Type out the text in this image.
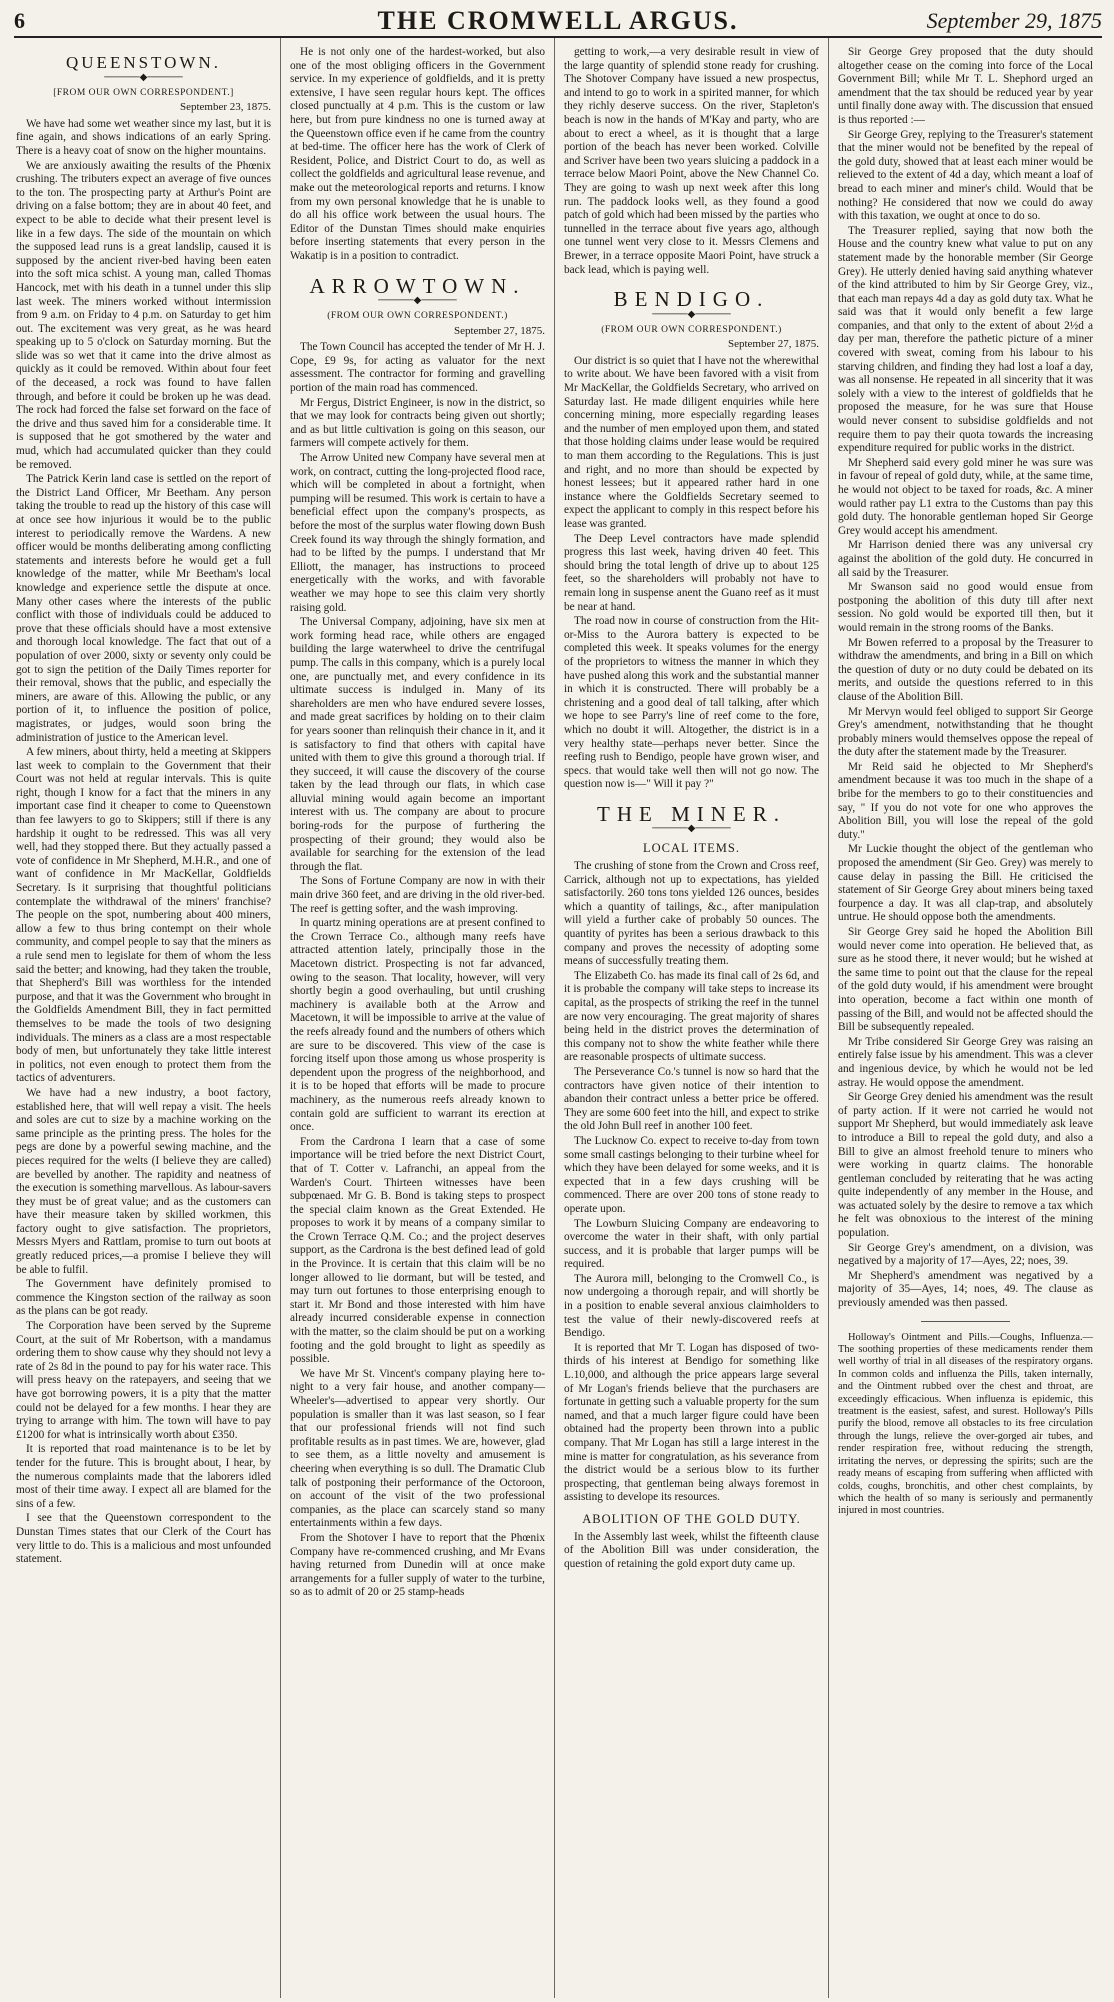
6	THE CROMWELL ARGUS.	September 29, 1875
QUEENSTOWN.
─────◆─────
[FROM OUR OWN CORRESPONDENT.]
September 23, 1875.

We have had some wet weather since my last, but it is fine again, and shows indications of an early Spring. There is a heavy coat of snow on the higher mountains.

We are anxiously awaiting the results of the Phœnix crushing. The tributers expect an average of five ounces to the ton. The prospecting party at Arthur's Point are driving on a false bottom; they are in about 40 feet, and expect to be able to decide what their present level is like in a few days. The side of the mountain on which the supposed lead runs is a great landslip, caused it is supposed by the ancient river-bed having been eaten into the soft mica schist. A young man, called Thomas Hancock, met with his death in a tunnel under this slip last week. The miners worked without intermission from 9 a.m. on Friday to 4 p.m. on Saturday to get him out. The excitement was very great, as he was heard speaking up to 5 o'clock on Saturday morning. But the slide was so wet that it came into the drive almost as quickly as it could be removed. Within about four feet of the deceased, a rock was found to have fallen through, and before it could be broken up he was dead. The rock had forced the false set forward on the face of the drive and thus saved him for a considerable time. It is supposed that he got smothered by the water and mud, which had accumulated quicker than they could be removed.

The Patrick Kerin land case is settled on the report of the District Land Officer, Mr Beetham. Any person taking the trouble to read up the history of this case will at once see how injurious it would be to the public interest to periodically remove the Wardens. A new officer would be months deliberating among conflicting statements and interests before he would get a full knowledge of the matter, while Mr Beetham's local knowledge and experience settle the dispute at once. Many other cases where the interests of the public conflict with those of individuals could be adduced to prove that these officials should have a most extensive and thorough local knowledge. The fact that out of a population of over 2000, sixty or seventy only could be got to sign the petition of the Daily Times reporter for their removal, shows that the public, and especially the miners, are aware of this. Allowing the public, or any portion of it, to influence the position of police, magistrates, or judges, would soon bring the administration of justice to the American level.

A few miners, about thirty, held a meeting at Skippers last week to complain to the Government that their Court was not held at regular intervals. This is quite right, though I know for a fact that the miners in any important case find it cheaper to come to Queenstown than fee lawyers to go to Skippers; still if there is any hardship it ought to be redressed. This was all very well, had they stopped there. But they actually passed a vote of confidence in Mr Shepherd, M.H.R., and one of want of confidence in Mr MacKellar, Goldfields Secretary. Is it surprising that thoughtful politicians contemplate the withdrawal of the miners' franchise? The people on the spot, numbering about 400 miners, allow a few to thus bring contempt on their whole community, and compel people to say that the miners as a rule send men to legislate for them of whom the less said the better; and knowing, had they taken the trouble, that Shepherd's Bill was worthless for the intended purpose, and that it was the Government who brought in the Goldfields Amendment Bill, they in fact permitted themselves to be made the tools of two designing individuals. The miners as a class are a most respectable body of men, but unfortunately they take little interest in politics, not even enough to protect them from the tactics of adventurers.

We have had a new industry, a boot factory, established here, that will well repay a visit. The heels and soles are cut to size by a machine working on the same principle as the printing press. The holes for the pegs are done by a powerful sewing machine, and the pieces required for the welts (I believe they are called) are bevelled by another. The rapidity and neatness of the execution is something marvellous. As labour-savers they must be of great value; and as the customers can have their measure taken by skilled workmen, this factory ought to give satisfaction. The proprietors, Messrs Myers and Rattlam, promise to turn out boots at greatly reduced prices,—a promise I believe they will be able to fulfil.

The Government have definitely promised to commence the Kingston section of the railway as soon as the plans can be got ready.

The Corporation have been served by the Supreme Court, at the suit of Mr Robertson, with a mandamus ordering them to show cause why they should not levy a rate of 2s 8d in the pound to pay for his water race. This will press heavy on the ratepayers, and seeing that we have got borrowing powers, it is a pity that the matter could not be delayed for a few months. I hear they are trying to arrange with him. The town will have to pay £1200 for what is intrinsically worth about £350.

It is reported that road maintenance is to be let by tender for the future. This is brought about, I hear, by the numerous complaints made that the laborers idled most of their time away. I expect all are blamed for the sins of a few.

I see that the Queenstown correspondent to the Dunstan Times states that our Clerk of the Court has very little to do. This is a malicious and most unfounded statement.

He is not only one of the hardest-worked, but also one of the most obliging officers in the Government service. In my experience of goldfields, and it is pretty extensive, I have seen regular hours kept. The offices closed punctually at 4 p.m. This is the custom or law here, but from pure kindness no one is turned away at the Queenstown office even if he came from the country at bed-time. The officer here has the work of Clerk of Resident, Police, and District Court to do, as well as collect the goldfields and agricultural lease revenue, and make out the meteorological reports and returns. I know from my own personal knowledge that he is unable to do all his office work between the usual hours. The Editor of the Dunstan Times should make enquiries before inserting statements that every person in the Wakatip is in a position to contradict.

ARROWTOWN.
─────◆─────
(FROM OUR OWN CORRESPONDENT.)
September 27, 1875.

The Town Council has accepted the tender of Mr H. J. Cope, £9 9s, for acting as valuator for the next assessment. The contractor for forming and gravelling portion of the main road has commenced.

Mr Fergus, District Engineer, is now in the district, so that we may look for contracts being given out shortly; and as but little cultivation is going on this season, our farmers will compete actively for them.

The Arrow United new Company have several men at work, on contract, cutting the long-projected flood race, which will be completed in about a fortnight, when pumping will be resumed. This work is certain to have a beneficial effect upon the company's prospects, as before the most of the surplus water flowing down Bush Creek found its way through the shingly formation, and had to be lifted by the pumps. I understand that Mr Elliott, the manager, has instructions to proceed energetically with the works, and with favorable weather we may hope to see this claim very shortly raising gold.

The Universal Company, adjoining, have six men at work forming head race, while others are engaged building the large waterwheel to drive the centrifugal pump. The calls in this company, which is a purely local one, are punctually met, and every confidence in its ultimate success is indulged in. Many of its shareholders are men who have endured severe losses, and made great sacrifices by holding on to their claim for years sooner than relinquish their chance in it, and it is satisfactory to find that others with capital have united with them to give this ground a thorough trial. If they succeed, it will cause the discovery of the course taken by the lead through our flats, in which case alluvial mining would again become an important interest with us. The company are about to procure boring-rods for the purpose of furthering the prospecting of their ground; they would also be available for searching for the extension of the lead through the flat.

The Sons of Fortune Company are now in with their main drive 360 feet, and are driving in the old river-bed. The reef is getting softer, and the wash improving.

In quartz mining operations are at present confined to the Crown Terrace Co., although many reefs have attracted attention lately, principally those in the Macetown district. Prospecting is not far advanced, owing to the season. That locality, however, will very shortly begin a good overhauling, but until crushing machinery is available both at the Arrow and Macetown, it will be impossible to arrive at the value of the reefs already found and the numbers of others which are sure to be discovered. This view of the case is forcing itself upon those among us whose prosperity is dependent upon the progress of the neighborhood, and it is to be hoped that efforts will be made to procure machinery, as the numerous reefs already known to contain gold are sufficient to warrant its erection at once.

From the Cardrona I learn that a case of some importance will be tried before the next District Court, that of T. Cotter v. Lafranchi, an appeal from the Warden's Court. Thirteen witnesses have been subpœnaed. Mr G. B. Bond is taking steps to prospect the special claim known as the Great Extended. He proposes to work it by means of a company similar to the Crown Terrace Q.M. Co.; and the project deserves support, as the Cardrona is the best defined lead of gold in the Province. It is certain that this claim will be no longer allowed to lie dormant, but will be tested, and may turn out fortunes to those enterprising enough to start it. Mr Bond and those interested with him have already incurred considerable expense in connection with the matter, so the claim should be put on a working footing and the gold brought to light as speedily as possible.

We have Mr St. Vincent's company playing here to-night to a very fair house, and another company—Wheeler's—advertised to appear very shortly. Our population is smaller than it was last season, so I fear that our professional friends will not find such profitable results as in past times. We are, however, glad to see them, as a little novelty and amusement is cheering when everything is so dull. The Dramatic Club talk of postponing their performance of the Octoroon, on account of the visit of the two professional companies, as the place can scarcely stand so many entertainments within a few days.

From the Shotover I have to report that the Phœnix Company have re-commenced crushing, and Mr Evans having returned from Dunedin will at once make arrangements for a fuller supply of water to the turbine, so as to admit of 20 or 25 stamp-heads

getting to work,—a very desirable result in view of the large quantity of splendid stone ready for crushing. The Shotover Company have issued a new prospectus, and intend to go to work in a spirited manner, for which they richly deserve success. On the river, Stapleton's beach is now in the hands of M'Kay and party, who are about to erect a wheel, as it is thought that a large portion of the beach has never been worked. Colville and Scriver have been two years sluicing a paddock in a terrace below Maori Point, above the New Channel Co. They are going to wash up next week after this long run. The paddock looks well, as they found a good patch of gold which had been missed by the parties who tunnelled in the terrace about five years ago, although one tunnel went very close to it. Messrs Clemens and Brewer, in a terrace opposite Maori Point, have struck a back lead, which is paying well.

BENDIGO.
─────◆─────
(FROM OUR OWN CORRESPONDENT.)
September 27, 1875.

Our district is so quiet that I have not the wherewithal to write about. We have been favored with a visit from Mr MacKellar, the Goldfields Secretary, who arrived on Saturday last. He made diligent enquiries while here concerning mining, more especially regarding leases and the number of men employed upon them, and stated that those holding claims under lease would be required to man them according to the Regulations. This is just and right, and no more than should be expected by honest lessees; but it appeared rather hard in one instance where the Goldfields Secretary seemed to expect the applicant to comply in this respect before his lease was granted.

The Deep Level contractors have made splendid progress this last week, having driven 40 feet. This should bring the total length of drive up to about 125 feet, so the shareholders will probably not have to remain long in suspense anent the Guano reef as it must be near at hand.

The road now in course of construction from the Hit-or-Miss to the Aurora battery is expected to be completed this week. It speaks volumes for the energy of the proprietors to witness the manner in which they have pushed along this work and the substantial manner in which it is constructed. There will probably be a christening and a good deal of tall talking, after which we hope to see Parry's line of reef come to the fore, which no doubt it will. Altogether, the district is in a very healthy state—perhaps never better. Since the reefing rush to Bendigo, people have grown wiser, and specs. that would take well then will not go now. The question now is—" Will it pay ?"

THE MINER.
─────◆─────
LOCAL ITEMS.

The crushing of stone from the Crown and Cross reef, Carrick, although not up to expectations, has yielded satisfactorily. 260 tons tons yielded 126 ounces, besides which a quantity of tailings, &c., after manipulation will yield a further cake of probably 50 ounces. The quantity of pyrites has been a serious drawback to this company and proves the necessity of adopting some means of successfully treating them.

The Elizabeth Co. has made its final call of 2s 6d, and it is probable the company will take steps to increase its capital, as the prospects of striking the reef in the tunnel are now very encouraging. The great majority of shares being held in the district proves the determination of this company not to show the white feather while there are reasonable prospects of ultimate success.

The Perseverance Co.'s tunnel is now so hard that the contractors have given notice of their intention to abandon their contract unless a better price be offered. They are some 600 feet into the hill, and expect to strike the old John Bull reef in another 100 feet.

The Lucknow Co. expect to receive to-day from town some small castings belonging to their turbine wheel for which they have been delayed for some weeks, and it is expected that in a few days crushing will be commenced. There are over 200 tons of stone ready to operate upon.

The Lowburn Sluicing Company are endeavoring to overcome the water in their shaft, with only partial success, and it is probable that larger pumps will be required.

The Aurora mill, belonging to the Cromwell Co., is now undergoing a thorough repair, and will shortly be in a position to enable several anxious claimholders to test the value of their newly-discovered reefs at Bendigo.

It is reported that Mr T. Logan has disposed of two-thirds of his interest at Bendigo for something like L.10,000, and although the price appears large several of Mr Logan's friends believe that the purchasers are fortunate in getting such a valuable property for the sum named, and that a much larger figure could have been obtained had the property been thrown into a public company. That Mr Logan has still a large interest in the mine is matter for congratulation, as his severance from the district would be a serious blow to its further prospecting, that gentleman being always foremost in assisting to develope its resources.

ABOLITION OF THE GOLD DUTY.

In the Assembly last week, whilst the fifteenth clause of the Abolition Bill was under consideration, the question of retaining the gold export duty came up.

Sir George Grey proposed that the duty should altogether cease on the coming into force of the Local Government Bill; while Mr T. L. Shephord urged an amendment that the tax should be reduced year by year until finally done away with. The discussion that ensued is thus reported :—

Sir George Grey, replying to the Treasurer's statement that the miner would not be benefited by the repeal of the gold duty, showed that at least each miner would be relieved to the extent of 4d a day, which meant a loaf of bread to each miner and miner's child. Would that be nothing? He considered that now we could do away with this taxation, we ought at once to do so.

The Treasurer replied, saying that now both the House and the country knew what value to put on any statement made by the honorable member (Sir George Grey). He utterly denied having said anything whatever of the kind attributed to him by Sir George Grey, viz., that each man repays 4d a day as gold duty tax. What he said was that it would only benefit a few large companies, and that only to the extent of about 2½d a day per man, therefore the pathetic picture of a miner covered with sweat, coming from his labour to his starving children, and finding they had lost a loaf a day, was all nonsense. He repeated in all sincerity that it was solely with a view to the interest of goldfields that he proposed the measure, for he was sure that House would never consent to subsidise goldfields and not require them to pay their quota towards the increasing expenditure required for public works in the district.

Mr Shepherd said every gold miner he was sure was in favour of repeal of gold duty, while, at the same time, he would not object to be taxed for roads, &c. A miner would rather pay L1 extra to the Customs than pay this gold duty. The honorable gentleman hoped Sir George Grey would accept his amendment.

Mr Harrison denied there was any universal cry against the abolition of the gold duty. He concurred in all said by the Treasurer.

Mr Swanson said no good would ensue from postponing the abolition of this duty till after next session. No gold would be exported till then, but it would remain in the strong rooms of the Banks.

Mr Bowen referred to a proposal by the Treasurer to withdraw the amendments, and bring in a Bill on which the question of duty or no duty could be debated on its merits, and outside the questions referred to in this clause of the Abolition Bill.

Mr Mervyn would feel obliged to support Sir George Grey's amendment, notwithstanding that he thought probably miners would themselves oppose the repeal of the duty after the statement made by the Treasurer.

Mr Reid said he objected to Mr Shepherd's amendment because it was too much in the shape of a bribe for the members to go to their constituencies and say, " If you do not vote for one who approves the Abolition Bill, you will lose the repeal of the gold duty."

Mr Luckie thought the object of the gentleman who proposed the amendment (Sir Geo. Grey) was merely to cause delay in passing the Bill. He criticised the statement of Sir George Grey about miners being taxed fourpence a day. It was all clap-trap, and absolutely untrue. He should oppose both the amendments.

Sir George Grey said he hoped the Abolition Bill would never come into operation. He believed that, as sure as he stood there, it never would; but he wished at the same time to point out that the clause for the repeal of the gold duty would, if his amendment were brought into operation, become a fact within one month of passing of the Bill, and would not be affected should the Bill be subsequently repealed.

Mr Tribe considered Sir George Grey was raising an entirely false issue by his amendment. This was a clever and ingenious device, by which he would not be led astray. He would oppose the amendment.

Sir George Grey denied his amendment was the result of party action. If it were not carried he would not support Mr Shepherd, but would immediately ask leave to introduce a Bill to repeal the gold duty, and also a Bill to give an almost freehold tenure to miners who were working in quartz claims. The honorable gentleman concluded by reiterating that he was acting quite independently of any member in the House, and was actuated solely by the desire to remove a tax which he felt was obnoxious to the interest of the mining population.

Sir George Grey's amendment, on a division, was negatived by a majority of 17—Ayes, 22; noes, 39.

Mr Shepherd's amendment was negatived by a majority of 35—Ayes, 14; noes, 49. The clause as previously amended was then passed.

Holloway's Ointment and Pills.—Coughs, Influenza.—The soothing properties of these medicaments render them well worthy of trial in all diseases of the respiratory organs. In common colds and influenza the Pills, taken internally, and the Ointment rubbed over the chest and throat, are exceedingly efficacious. When influenza is epidemic, this treatment is the easiest, safest, and surest. Holloway's Pills purify the blood, remove all obstacles to its free circulation through the lungs, relieve the over-gorged air tubes, and render respiration free, without reducing the strength, irritating the nerves, or depressing the spirits; such are the ready means of escaping from suffering when afflicted with colds, coughs, bronchitis, and other chest complaints, by which the health of so many is seriously and permanently injured in most countries.
